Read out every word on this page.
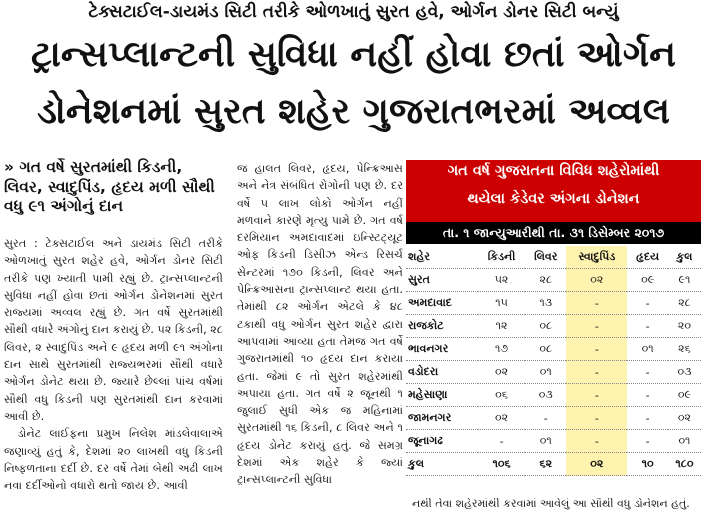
ટેક્સટાઈલ-ડાયમંડ સિટી તરીકે ઓળખાતું સુરત હવે, ઓર્ગન ડોનર સિટી બન્યું
ટ્રાન્સપ્લાન્ટની સુવિધા નહીં હોવા છતાં ઓર્ગન
ડોનેશનમાં સુરત શહેર ગુજરાતભરમાં અવ્વલ
» ગત વર્ષે સુરતમાંથી કિડની, લિવર, સ્વાદુપિંડ, હૃદય મળી સૌથી વધુ ૯૧ અંગોનું દાન

સુરત : ટેક્સટાઈલ અને ડાયમંડ સિટી તરીકે ઓળખાતું સુરત શહેર હવે, ઓર્ગન ડોનર સિટી તરીકે પણ ખ્યાતી પામી રહ્યું છે. ટ્રાન્સપ્લાન્ટની સુવિધા નહીં હોવા છતાં ઓર્ગન ડોનેશનમાં સુરત રાજ્યમાં અવ્વલ રહ્યું છે. ગત વર્ષે સુરતમાંથી સૌથી વધારે અંગોનું દાન કરાયું છે. ૫૨ કિડની, ૨૮ લિવર, ૨ સ્વાદુપિંડ અને ૯ હૃદય મળી ૯૧ અંગોના દાન સાથે સુરતમાંથી રાજ્યભરમાં સૌથી વધારે ઓર્ગન ડોનેટ થયા છે. જ્યારે છેલ્લાં પાંચ વર્ષમાં સૌથી વધુ કિડની પણ સુરતમાંથી દાન કરવામાં આવી છે.

ડોનેટ લાઈફના પ્રમુખ નિલેશ માંડલેવાલાએ જણાવ્યું હતું કે, દેશમાં ૨૦ લાખથી વધુ કિડની નિષ્ફળતાના દર્દી છે. દર વર્ષે તેમાં બેથી અઢી લાખ નવા દર્દીઓનો વધારો થતો જાય છે. આવી

જ હાલત લિવર, હૃદય, પેન્ક્રિઆસ અને નેત્ર સંબંધિત રોગોની પણ છે. દર વર્ષે ૫ લાખ લોકો ઓર્ગન નહીં મળવાને કારણે મૃત્યુ પામે છે. ગત વર્ષ દરમિયાન અમદાવાદમાં ઇન્સ્ટિટ્યૂટ ઓફ કિડની ડિસીઝ એન્ડ રિસર્ચ સેન્ટરમાં ૧૭૦ કિડની, લિવર અને પેન્ક્રિઆસના ટ્રાન્સપ્લાન્ટ થયા હતા. તેમાંથી ૮૨ ઓર્ગન એટલે કે ૪૮ ટકાથી વધુ ઓર્ગન સુરત શહેર દ્વારા આપવામાં આવ્યા હતા તેમજ ગત વર્ષે ગુજરાતમાંથી ૧૦ હૃદય દાન કરાયા હતા. જેમાં ૯ તો સુરત શહેરમાંથી અપાયા હતા. ગત વર્ષે ૨ જૂનથી ૧ જુલાઈ સુધી એક જ મહિનામાં સુરતમાંથી ૧૬ કિડની, ૮ લિવર અને ૧ હૃદય ડોનેટ કરાયું હતું. જે સમગ્ર દેશમાં એક શહેર કે જ્યાં ટ્રાન્સપ્લાન્ટની સુવિધા

ગત વર્ષ ગુજરાતના વિવિધ શહેરોમાંથી
થયેલા કેડેવર અંગના ડોનેશન
તા. ૧ જાન્યુઆરીથી તા. ૩૧ ડિસેમ્બર ૨૦૧૭
શહેર	કિડની	લિવર	સ્વાદુપિંડ	હૃદય	કુલ
સુરત	૫૨	૨૮	૦૨	૦૯	૯૧
અમદાવાદ	૧૫	૧૩	-	-	૨૮
રાજકોટ	૧૨	૦૮	-	-	૨૦
ભાવનગર	૧૭	૦૮	-	૦૧	૨૬
વડોદરા	૦૨	૦૧	-	-	૦૩
મહેસાણા	૦૬	૦૩	-	-	૦૯
જામનગર	૦૨	-	-	-	૦૨
જૂનાગઢ	-	૦૧	-	-	૦૧
કુલ	૧૦૬	૬૨	૦૨	૧૦	૧૮૦

નથી તેવા શહેરમાંથી કરવામાં આવેલું આ સૌથી વધુ ડોનેશન હતું.
